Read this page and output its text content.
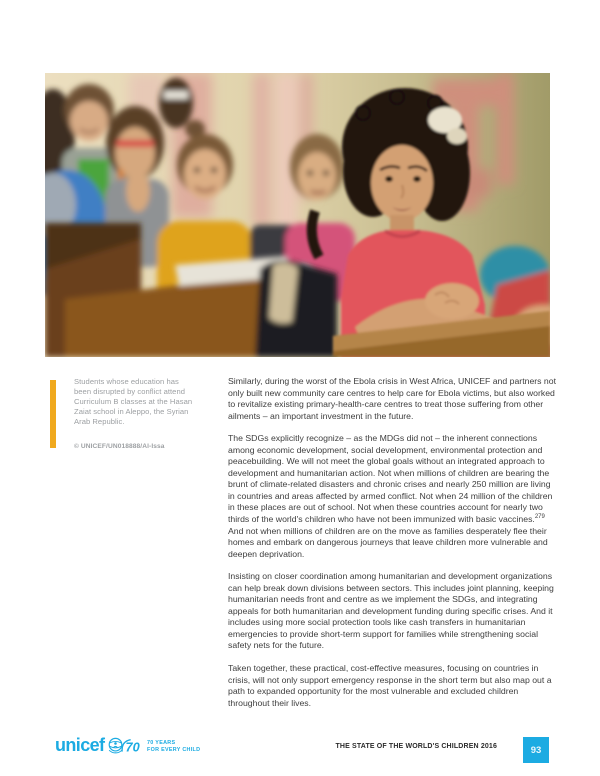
Students whose education has been disrupted by conflict attend Curriculum B classes at the Hasan Zaiat school in Aleppo, the Syrian Arab Republic.
© UNICEF/UN018888/Al-Issa

Similarly, during the worst of the Ebola crisis in West Africa, UNICEF and partners not only built new community care centres to help care for Ebola victims, but also worked to revitalize existing primary-health-care centres to treat those suffering from other ailments – an important investment in the future.

The SDGs explicitly recognize – as the MDGs did not – the inherent connections among economic development, social development, environmental protection and peacebuilding. We will not meet the global goals without an integrated approach to development and humanitarian action. Not when millions of children are bearing the brunt of climate-related disasters and chronic crises and nearly 250 million are living in countries and areas affected by armed conflict. Not when 24 million of the children in these places are out of school. Not when these countries account for nearly two thirds of the world's children who have not been immunized with basic vaccines.$^{279}$ And not when millions of children are on the move as families desperately flee their homes and embark on dangerous journeys that leave children more vulnerable and deepen deprivation.

Insisting on closer coordination among humanitarian and development organizations can help break down divisions between sectors. This includes joint planning, keeping humanitarian needs front and centre as we implement the SDGs, and integrating appeals for both humanitarian and development funding during specific crises. And it includes using more social protection tools like cash transfers in humanitarian emergencies to provide short-term support for families while strengthening social safety nets for the future.

Taken together, these practical, cost-effective measures, focusing on countries in crisis, will not only support emergency response in the short term but also map out a path to expanded opportunity for the most vulnerable and excluded children throughout their lives.

unicef 70 70 YEARS
FOR EVERY CHILD	THE STATE OF THE WORLD'S CHILDREN 2016	93
